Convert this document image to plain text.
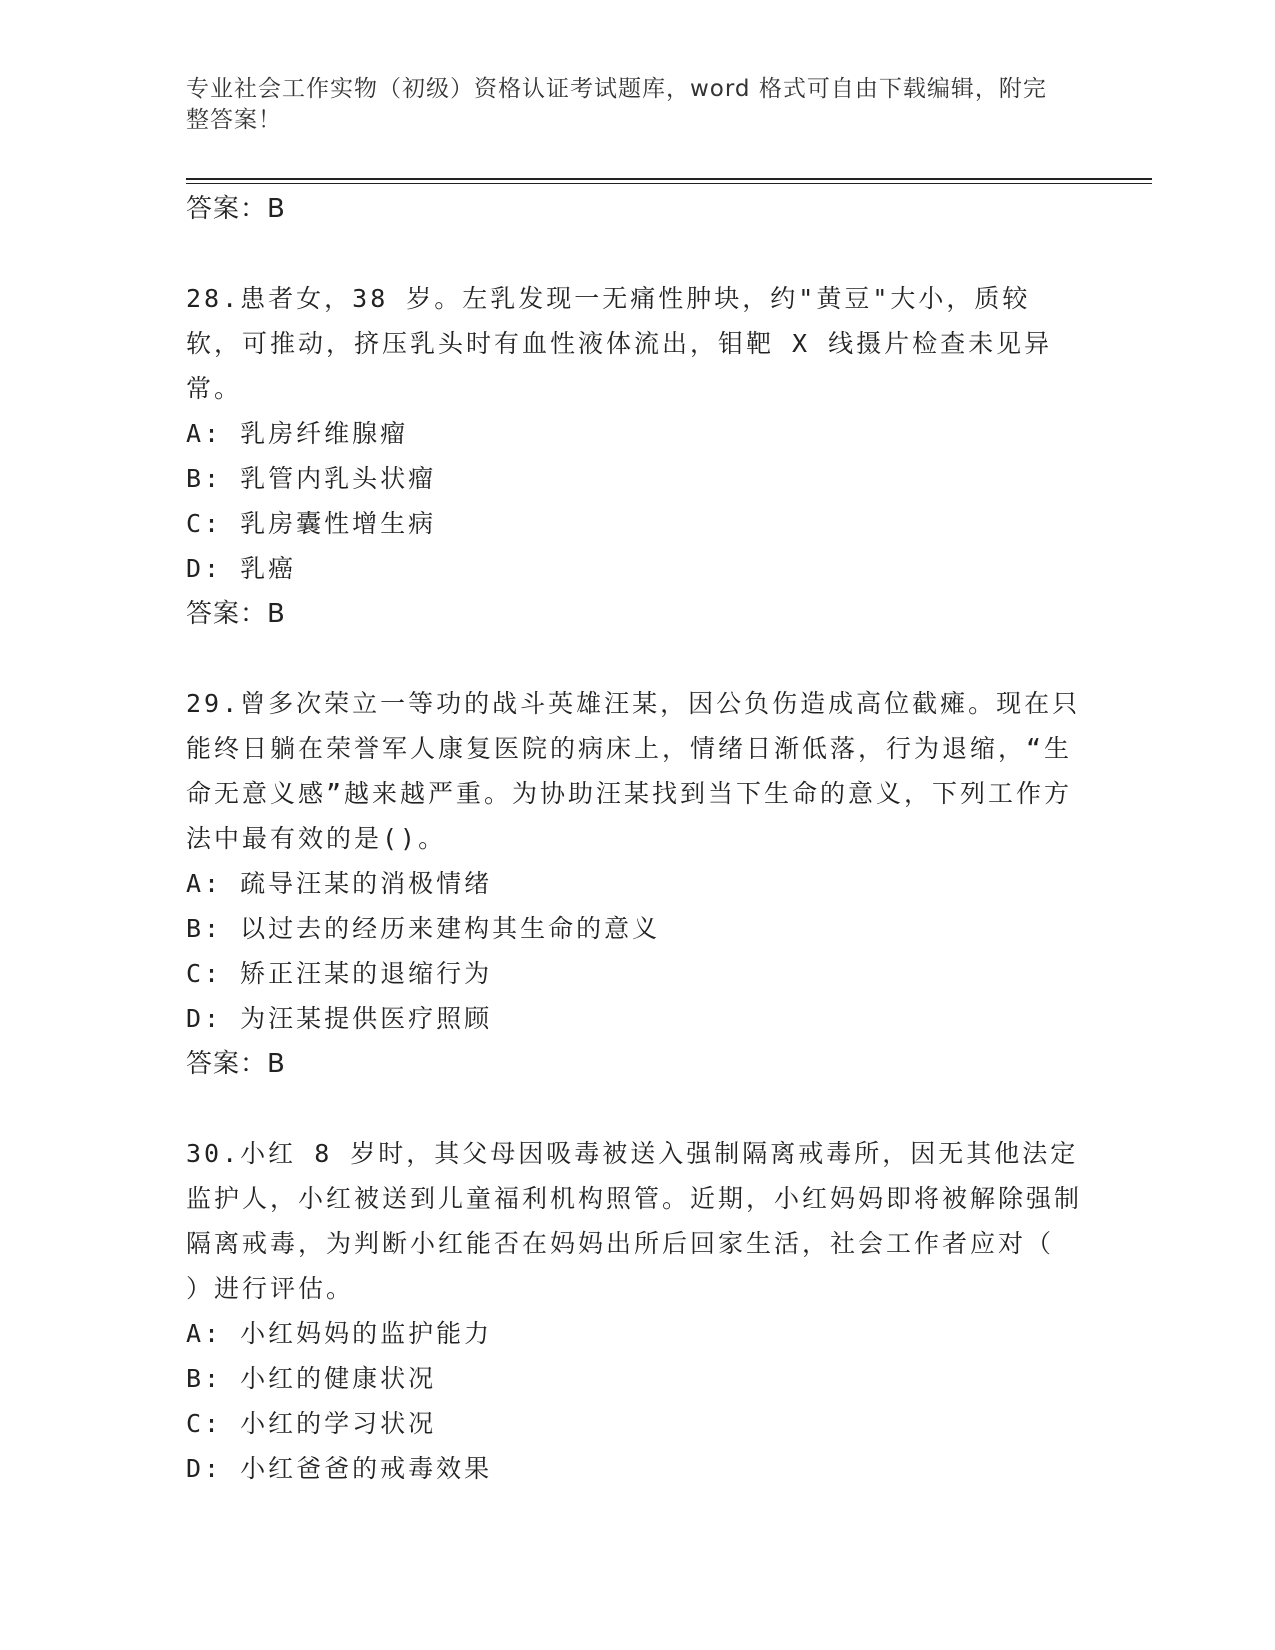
专业社会工作实物（初级）资格认证考试题库，word 格式可自由下载编辑，附完整答案！

答案：B

28.患者女，38 岁。左乳发现一无痛性肿块，约"黄豆"大小，质较软，可推动，挤压乳头时有血性液体流出，钼靶 X 线摄片检查未见异常。

A: 乳房纤维腺瘤

B: 乳管内乳头状瘤

C: 乳房囊性增生病

D: 乳癌

答案：B

29.曾多次荣立一等功的战斗英雄汪某，因公负伤造成高位截瘫。现在只能终日躺在荣誉军人康复医院的病床上，情绪日渐低落，行为退缩，“生命无意义感”越来越严重。为协助汪某找到当下生命的意义，下列工作方法中最有效的是()。

A: 疏导汪某的消极情绪

B: 以过去的经历来建构其生命的意义

C: 矫正汪某的退缩行为

D: 为汪某提供医疗照顾

答案：B

30.小红 8 岁时，其父母因吸毒被送入强制隔离戒毒所，因无其他法定监护人，小红被送到儿童福利机构照管。近期，小红妈妈即将被解除强制隔离戒毒，为判断小红能否在妈妈出所后回家生活，社会工作者应对（ ）进行评估。

A: 小红妈妈的监护能力

B: 小红的健康状况

C: 小红的学习状况

D: 小红爸爸的戒毒效果
